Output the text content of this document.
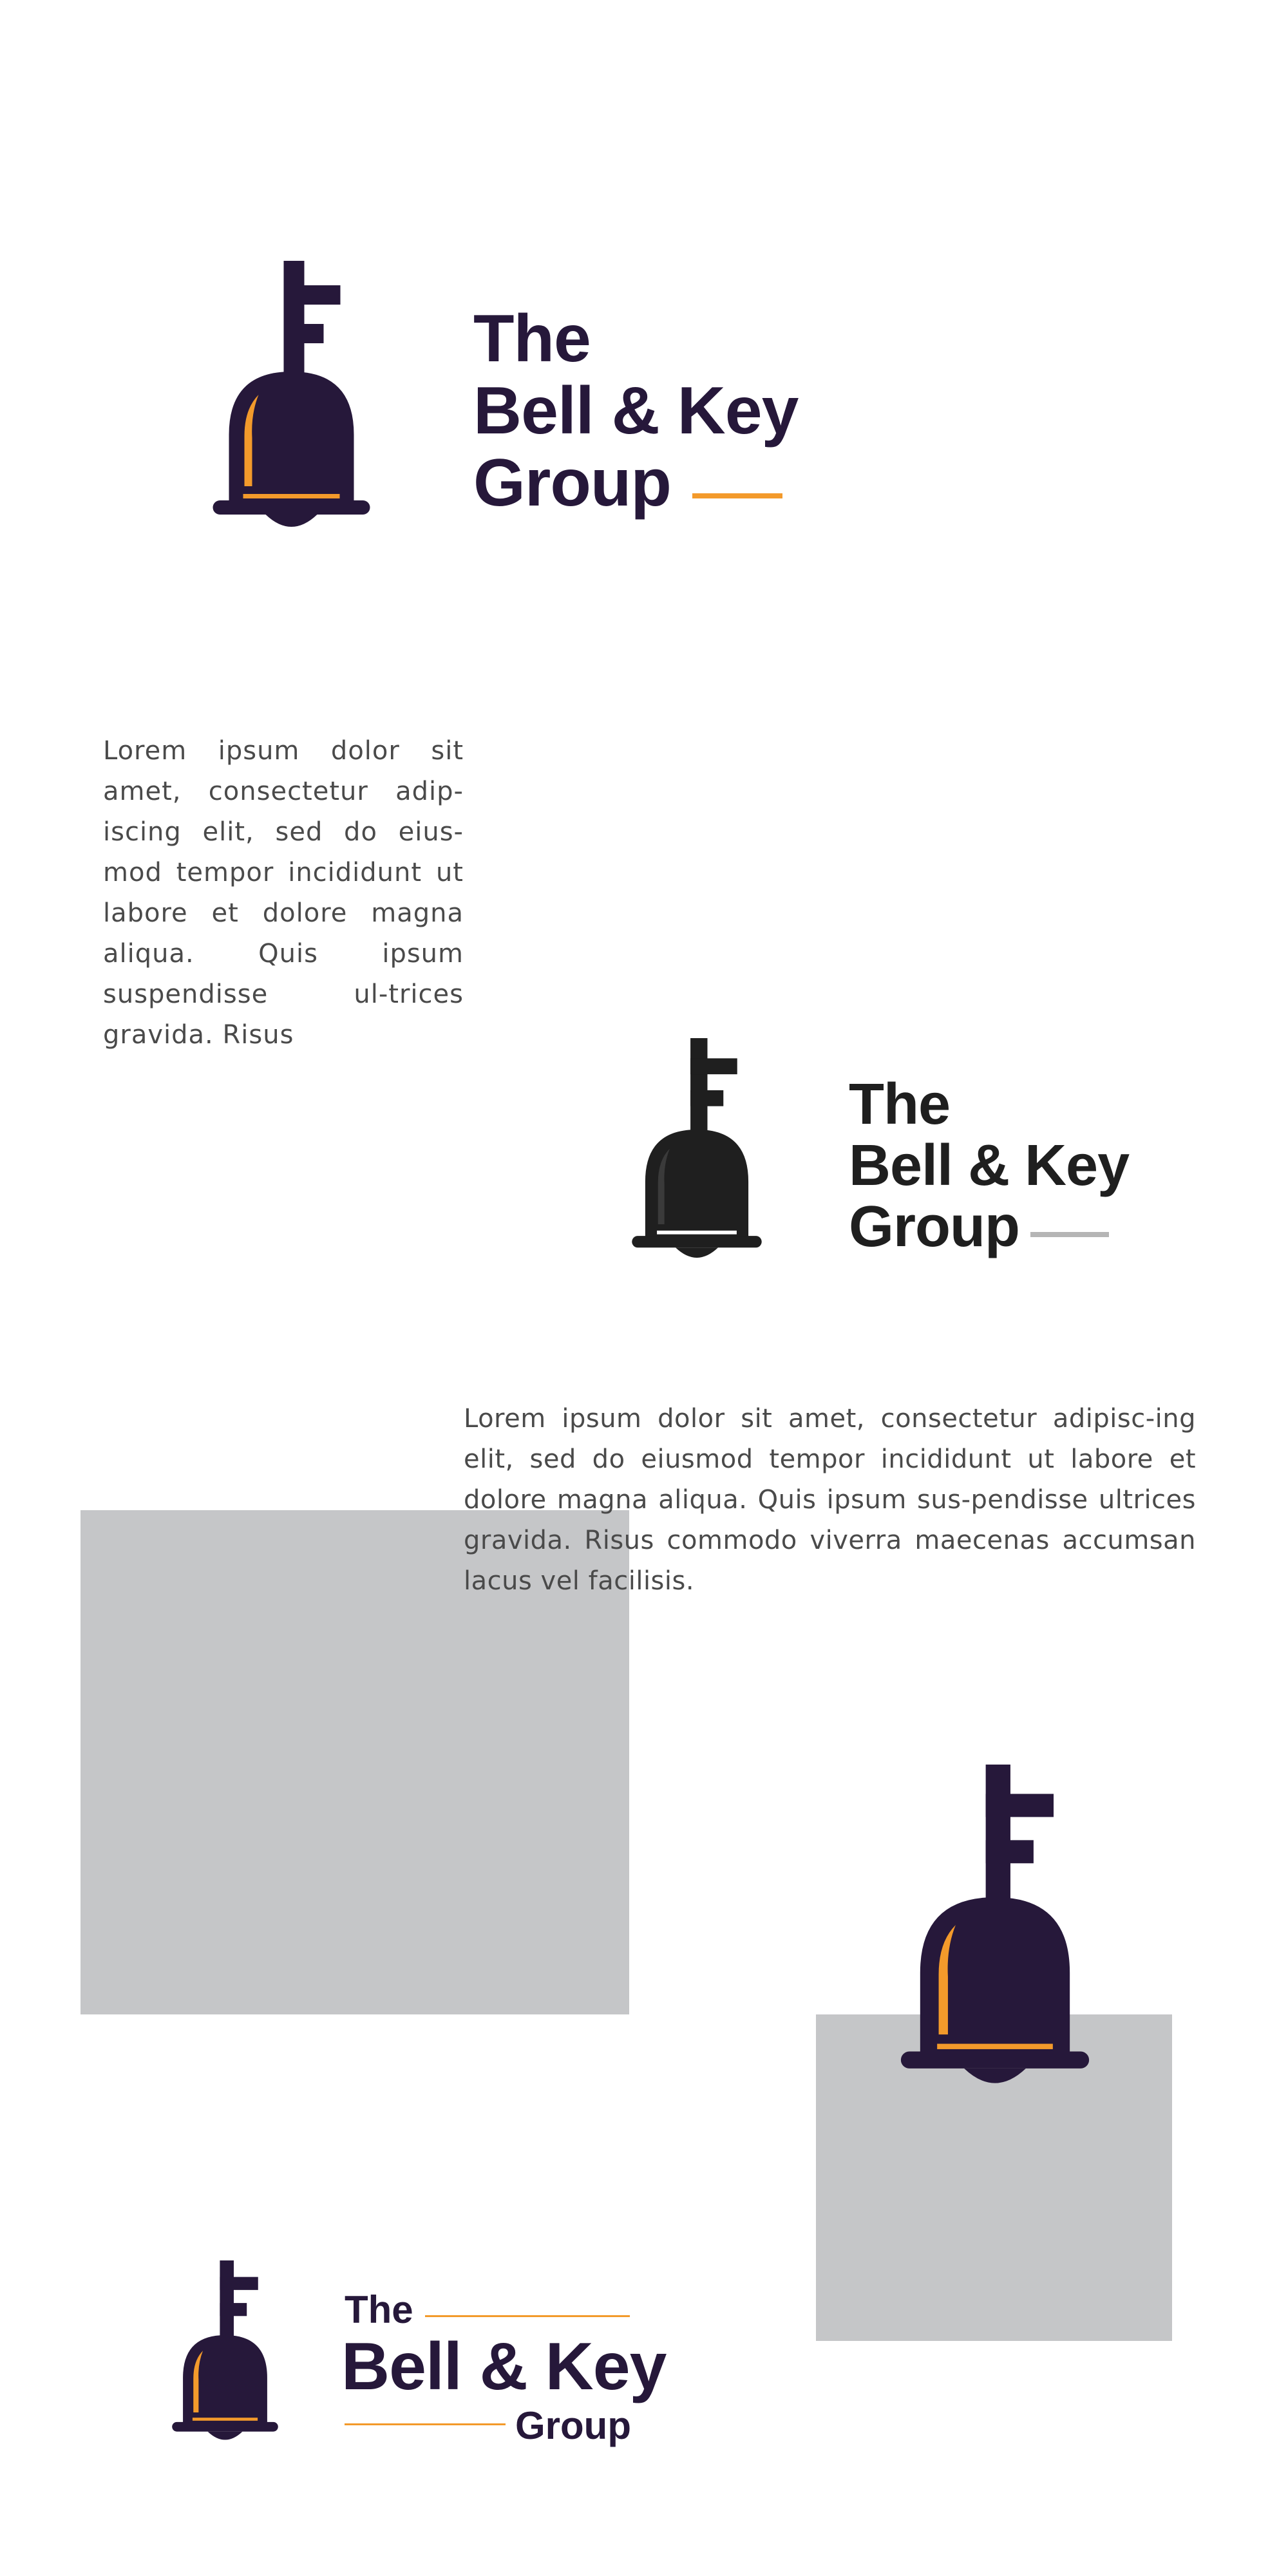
The
Bell & Key
Group

Lorem ipsum dolor sit amet, consectetur adip-iscing elit, sed do eius-mod tempor incididunt ut labore et dolore magna aliqua. Quis ipsum suspendisse ul-trices gravida. Risus

The
Bell & Key
Group

Lorem ipsum dolor sit amet, consectetur adipisc-ing elit, sed do eiusmod tempor incididunt ut labore et dolore magna aliqua. Quis ipsum sus-pendisse ultrices gravida. Risus commodo viverra maecenas accumsan lacus vel facilisis.

The
Bell & Key
Group
